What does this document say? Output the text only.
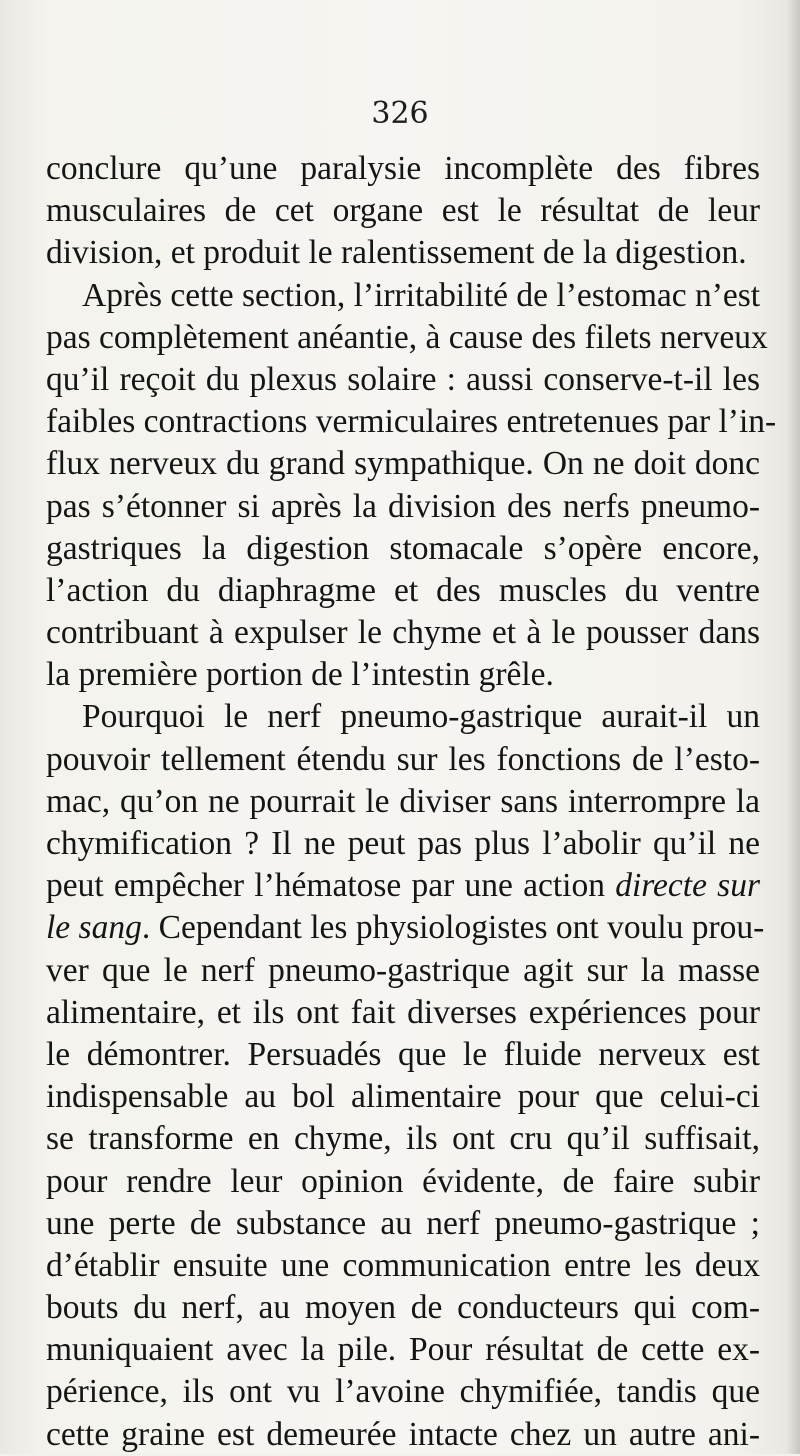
326
conclure qu’une paralysie incomplète des fibres
musculaires de cet organe est le résultat de leur
division, et produit le ralentissement de la digestion.
Après cette section, l’irritabilité de l’estomac n’est
pas complètement anéantie, à cause des filets nerveux
qu’il reçoit du plexus solaire : aussi conserve-t-il les
faibles contractions vermiculaires entretenues par l’in-
flux nerveux du grand sympathique. On ne doit donc
pas s’étonner si après la division des nerfs pneumo-
gastriques la digestion stomacale s’opère encore,
l’action du diaphragme et des muscles du ventre
contribuant à expulser le chyme et à le pousser dans
la première portion de l’intestin grêle.
Pourquoi le nerf pneumo-gastrique aurait-il un
pouvoir tellement étendu sur les fonctions de l’esto-
mac, qu’on ne pourrait le diviser sans interrompre la
chymification ? Il ne peut pas plus l’abolir qu’il ne
peut empêcher l’hématose par une action directe sur
le sang. Cependant les physiologistes ont voulu prou-
ver que le nerf pneumo-gastrique agit sur la masse
alimentaire, et ils ont fait diverses expériences pour
le démontrer. Persuadés que le fluide nerveux est
indispensable au bol alimentaire pour que celui-ci
se transforme en chyme, ils ont cru qu’il suffisait,
pour rendre leur opinion évidente, de faire subir
une perte de substance au nerf pneumo-gastrique ;
d’établir ensuite une communication entre les deux
bouts du nerf, au moyen de conducteurs qui com-
muniquaient avec la pile. Pour résultat de cette ex-
périence, ils ont vu l’avoine chymifiée, tandis que
cette graine est demeurée intacte chez un autre ani-
